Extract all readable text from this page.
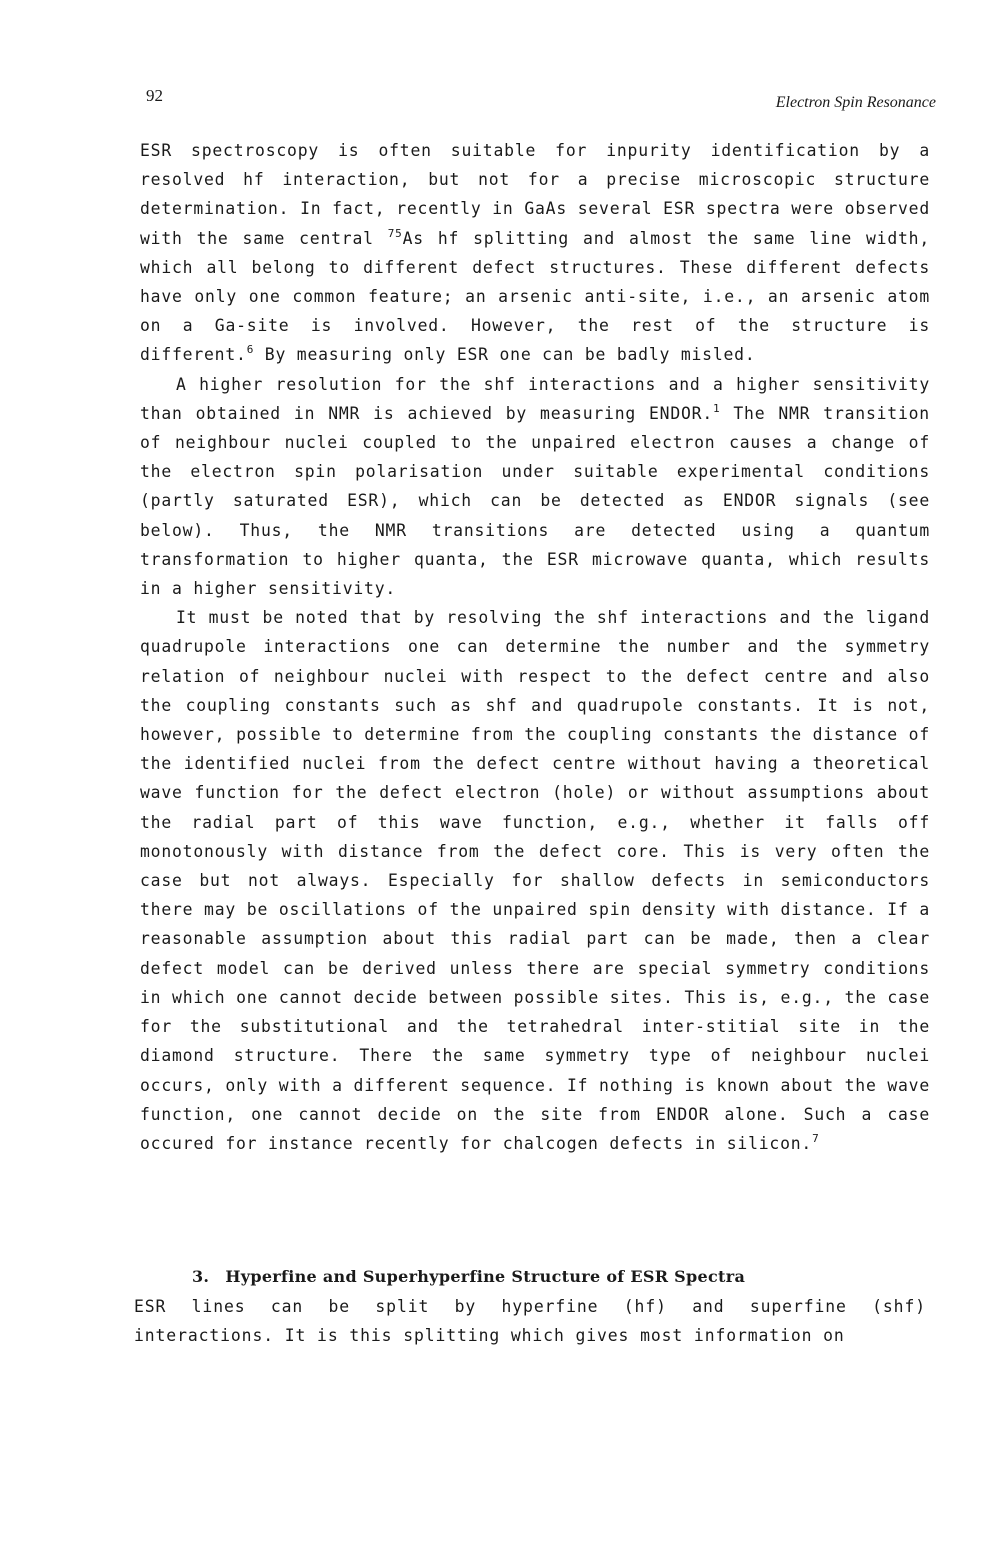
92	Electron Spin Resonance

ESR spectroscopy is often suitable for inpurity identification by a resolved hf interaction, but not for a precise microscopic structure determination. In fact, recently in GaAs several ESR spectra were observed with the same central $^{75}$As hf splitting and almost the same line width, which all belong to different defect structures. These different defects have only one common feature; an arsenic anti-site, i.e., an arsenic atom on a Ga-site is involved. However, the rest of the structure is different.$^6$ By measuring only ESR one can be badly misled.

A higher resolution for the shf interactions and a higher sensitivity than obtained in NMR is achieved by measuring ENDOR.$^1$ The NMR transition of neighbour nuclei coupled to the unpaired electron causes a change of the electron spin polarisation under suitable experimental conditions (partly saturated ESR), which can be detected as ENDOR signals (see below). Thus, the NMR transitions are detected using a quantum transformation to higher quanta, the ESR microwave quanta, which results in a higher sensitivity.

It must be noted that by resolving the shf interactions and the ligand quadrupole interactions one can determine the number and the symmetry relation of neighbour nuclei with respect to the defect centre and also the coupling constants such as shf and quadrupole constants. It is not, however, possible to determine from the coupling constants the distance of the identified nuclei from the defect centre without having a theoretical wave function for the defect electron (hole) or without assumptions about the radial part of this wave function, e.g., whether it falls off monotonously with distance from the defect core. This is very often the case but not always. Especially for shallow defects in semiconductors there may be oscillations of the unpaired spin density with distance. If a reasonable assumption about this radial part can be made, then a clear defect model can be derived unless there are special symmetry conditions in which one cannot decide between possible sites. This is, e.g., the case for the substitutional and the tetrahedral inter-stitial site in the diamond structure. There the same symmetry type of neighbour nuclei occurs, only with a different sequence. If nothing is known about the wave function, one cannot decide on the site from ENDOR alone. Such a case occured for instance recently for chalcogen defects in silicon.$^7$

3. Hyperfine and Superhyperfine Structure of ESR Spectra

ESR lines can be split by hyperfine (hf) and superfine (shf) interactions. It is this splitting which gives most information on
